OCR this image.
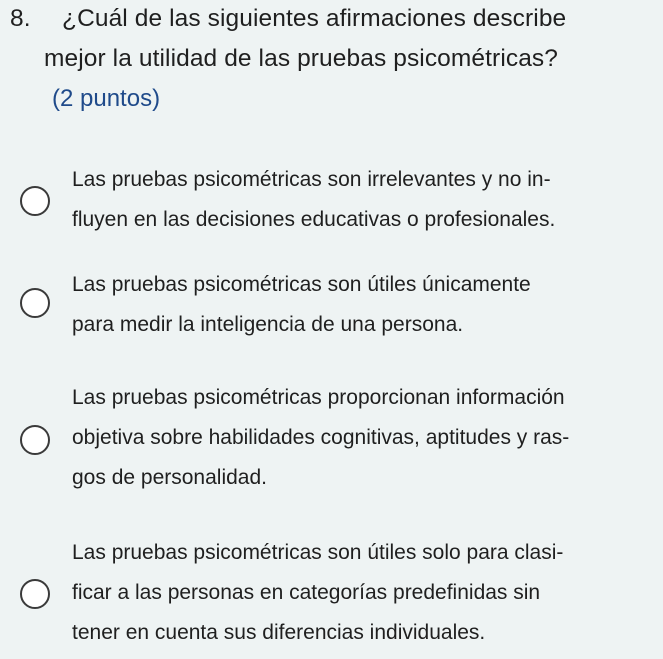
8. ¿Cuál de las siguientes afirmaciones describe
mejor la utilidad de las pruebas psicométricas?
(2 puntos)
Las pruebas psicométricas son irrelevantes y no in-
fluyen en las decisiones educativas o profesionales.
Las pruebas psicométricas son útiles únicamente
para medir la inteligencia de una persona.
Las pruebas psicométricas proporcionan información
objetiva sobre habilidades cognitivas, aptitudes y ras-
gos de personalidad.
Las pruebas psicométricas son útiles solo para clasi-
ficar a las personas en categorías predefinidas sin
tener en cuenta sus diferencias individuales.
